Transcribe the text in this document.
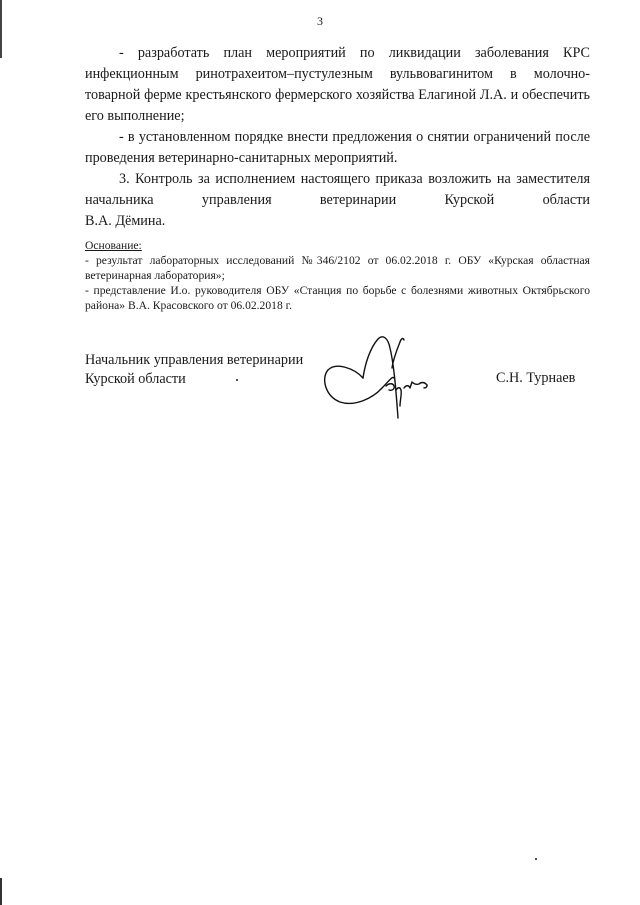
3

- разработать план мероприятий по ликвидации заболевания КРС инфекционным ринотрахеитом–пустулезным вульвовагинитом в молочно-товарной ферме крестьянского фермерского хозяйства Елагиной Л.А. и обеспечить его выполнение;

- в установленном порядке внести предложения о снятии ограничений после проведения ветеринарно-санитарных мероприятий.

3. Контроль за исполнением настоящего приказа возложить на заместителя начальника управления ветеринарии Курской области

В.А. Дёмина.

Основание:

- результат лабораторных исследований №346/2102 от 06.02.2018 г. ОБУ «Курская областная ветеринарная лаборатория»;

- представление И.о. руководителя ОБУ «Станция по борьбе с болезнями животных Октябрьского района» В.А. Красовского от 06.02.2018 г.

Начальник управления ветеринарии
Курской области	С.Н. Турнаев
